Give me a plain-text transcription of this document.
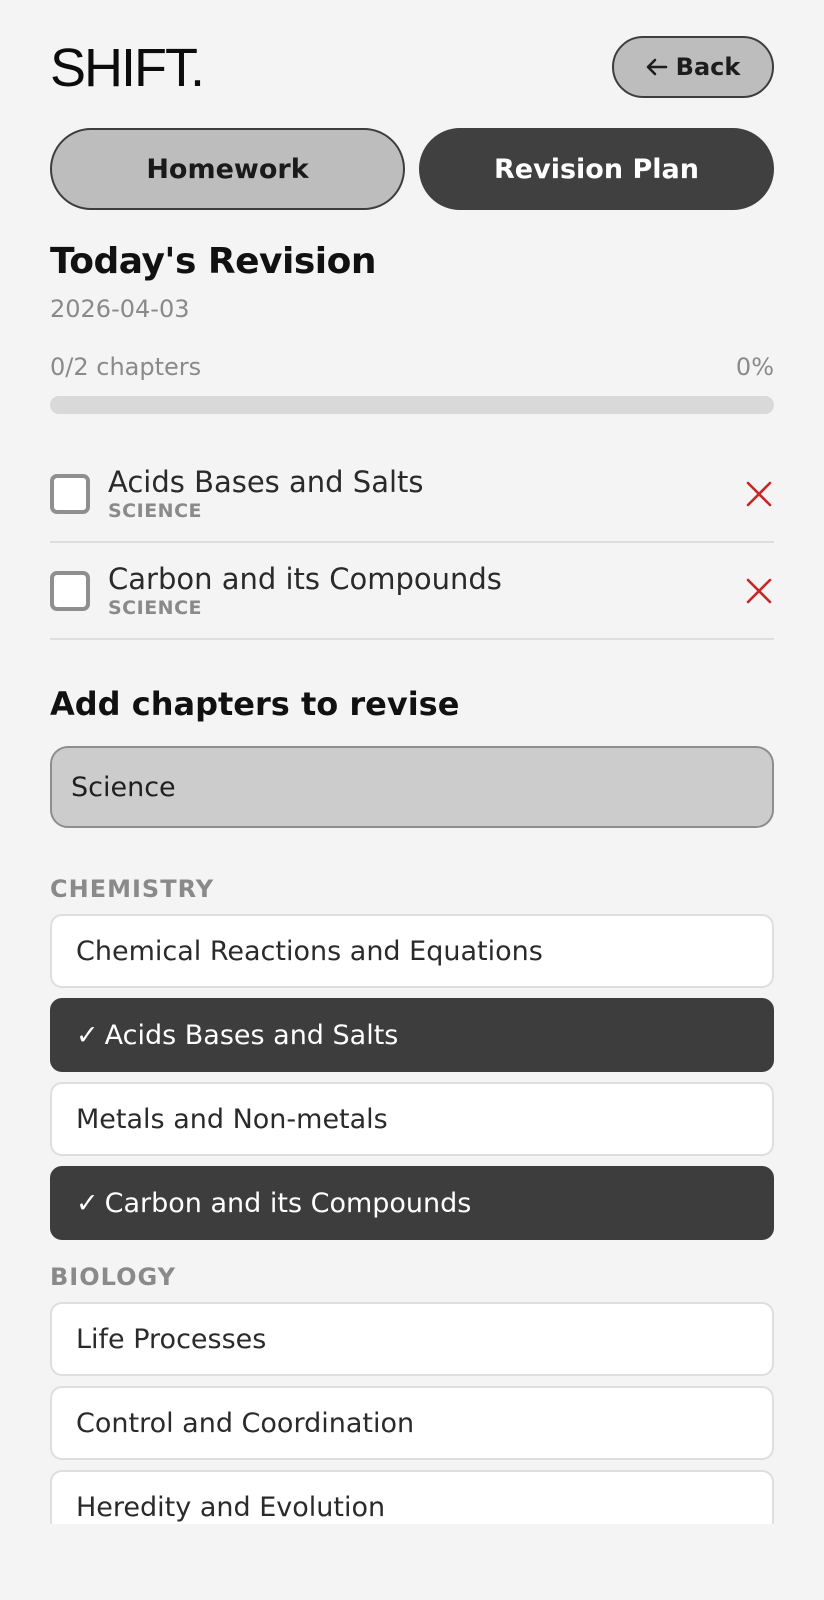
SHIFT.	Back
Homework	Revision Plan
Today's Revision
2026-04-03
0/2 chapters	0%
Acids Bases and Salts
SCIENCE
Carbon and its Compounds
SCIENCE
Add chapters to revise
Science
CHEMISTRY
Chemical Reactions and Equations
✓ Acids Bases and Salts
Metals and Non-metals
✓ Carbon and its Compounds
BIOLOGY
Life Processes
Control and Coordination
Heredity and Evolution
